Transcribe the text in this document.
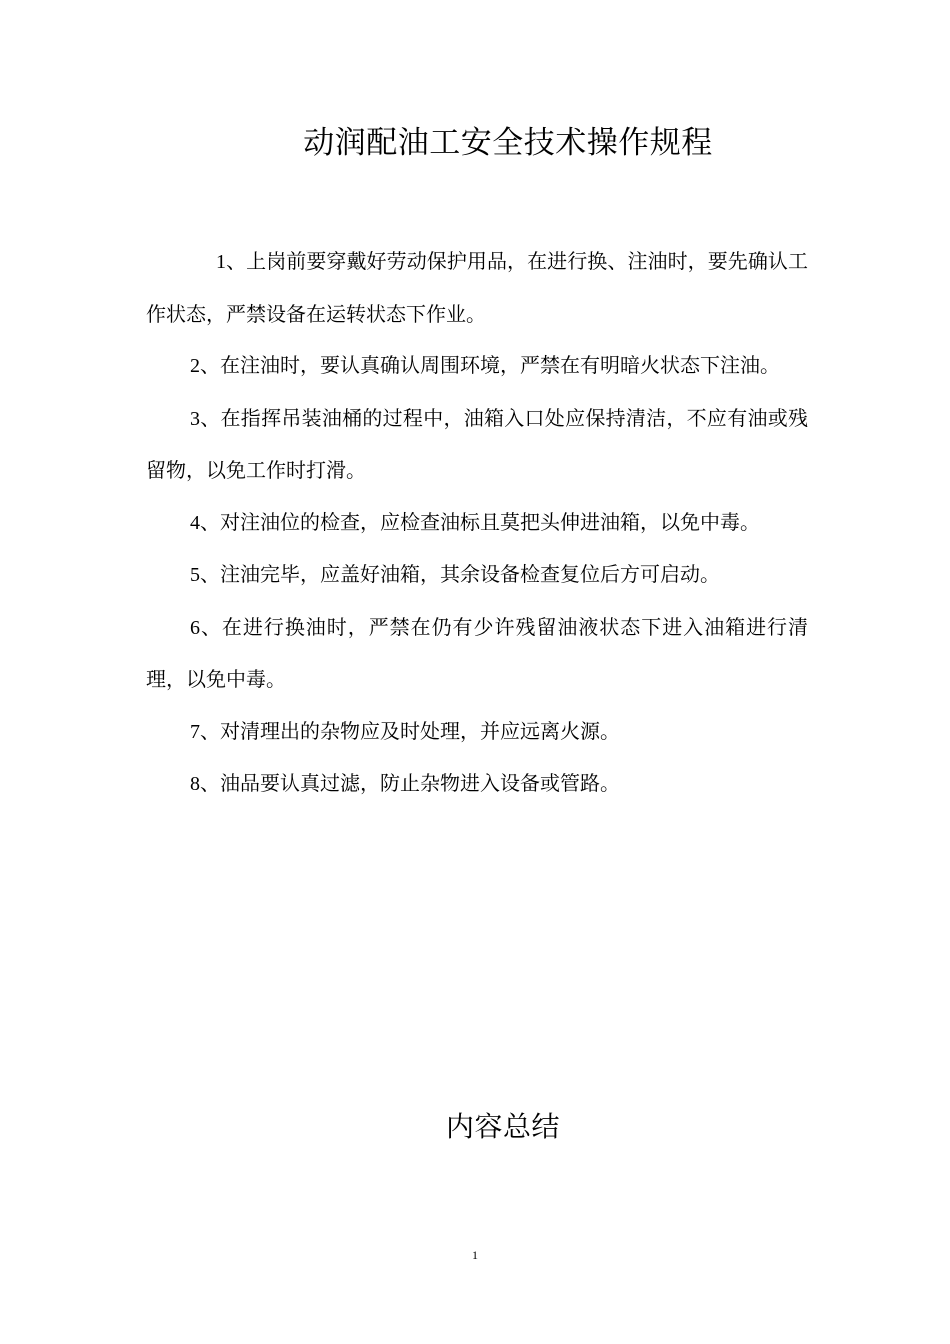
动润配油工安全技术操作规程

1、上岗前要穿戴好劳动保护用品，在进行换、注油时，要先确认工作状态，严禁设备在运转状态下作业。

2、在注油时，要认真确认周围环境，严禁在有明暗火状态下注油。

3、在指挥吊装油桶的过程中，油箱入口处应保持清洁，不应有油或残留物，以免工作时打滑。

4、对注油位的检查，应检查油标且莫把头伸进油箱，以免中毒。

5、注油完毕，应盖好油箱，其余设备检查复位后方可启动。

6、在进行换油时，严禁在仍有少许残留油液状态下进入油箱进行清理，以免中毒。

7、对清理出的杂物应及时处理，并应远离火源。

8、油品要认真过滤，防止杂物进入设备或管路。

内容总结
1
